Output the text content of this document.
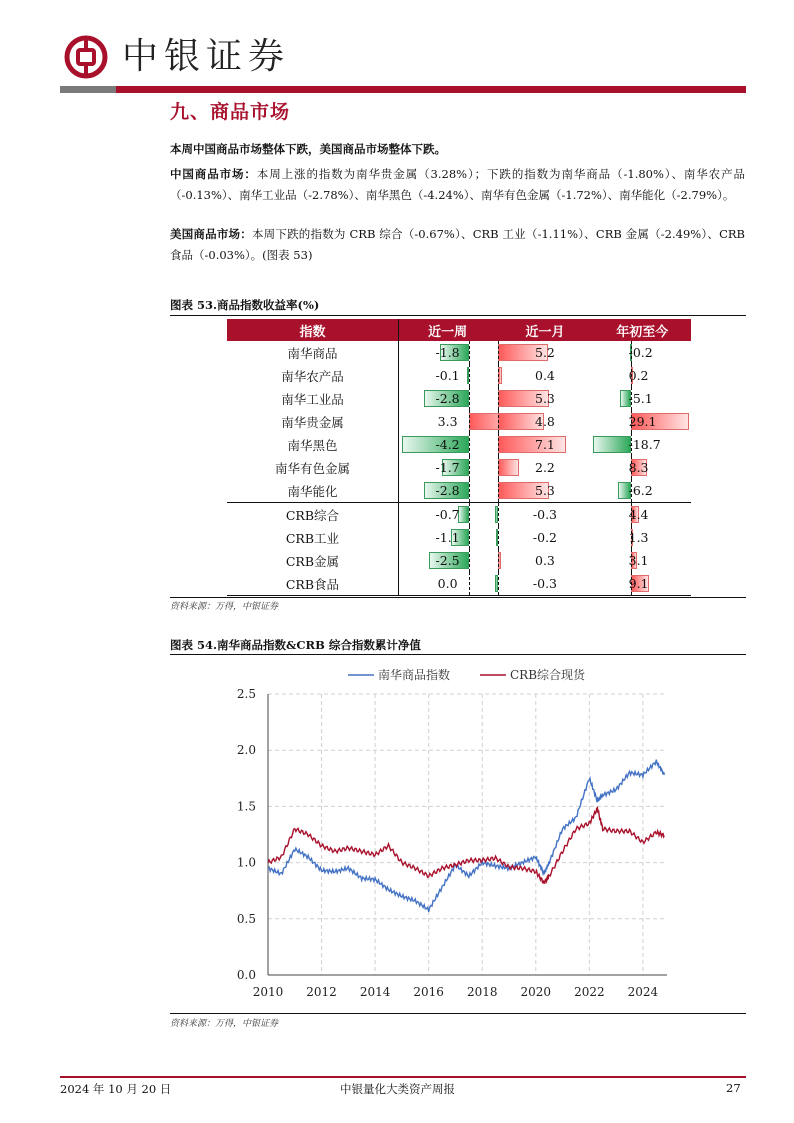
中银证券
九、商品市场
本周中国商品市场整体下跌，美国商品市场整体下跌。
中国商品市场：本周上涨的指数为南华贵金属（3.28%）；下跌的指数为南华商品（-1.80%）、南华农产品（-0.13%）、南华工业品（-2.78%）、南华黑色（-4.24%）、南华有色金属（-1.72%）、南华能化（-2.79%）。
美国商品市场：本周下跌的指数为 CRB 综合（-0.67%）、CRB 工业（-1.11%）、CRB 金属（-2.49%）、CRB 食品（-0.03%）。(图表 53)
图表 53.商品指数收益率(%)
指数	近一周	近一月	年初至今
南华商品	-1.8	5.2	-0.2

南华农产品	-0.1	0.4	0.2

南华工业品	-2.8	5.3	-5.1

南华贵金属	3.3	4.8	29.1

南华黑色	-4.2	7.1	-18.7

南华有色金属	-1.7	2.2	8.3

南华能化	-2.8	5.3	-6.2

CRB综合	-0.7	-0.3	4.4

CRB工业	-1.1	-0.2	1.3

CRB金属	-2.5	0.3	3.1

CRB食品	0.0	-0.3	9.1
资料来源：万得，中银证券
图表 54.南华商品指数&CRB 综合指数累计净值
南华商品指数	CRB综合现货
0.0
0.5
1.0
1.5
2.0
2.5
2010 2012 2014 2016 2018 2020 2022 2024
资料来源：万得，中银证券
2024 年 10 月 20 日	中银量化大类资产周报	27
